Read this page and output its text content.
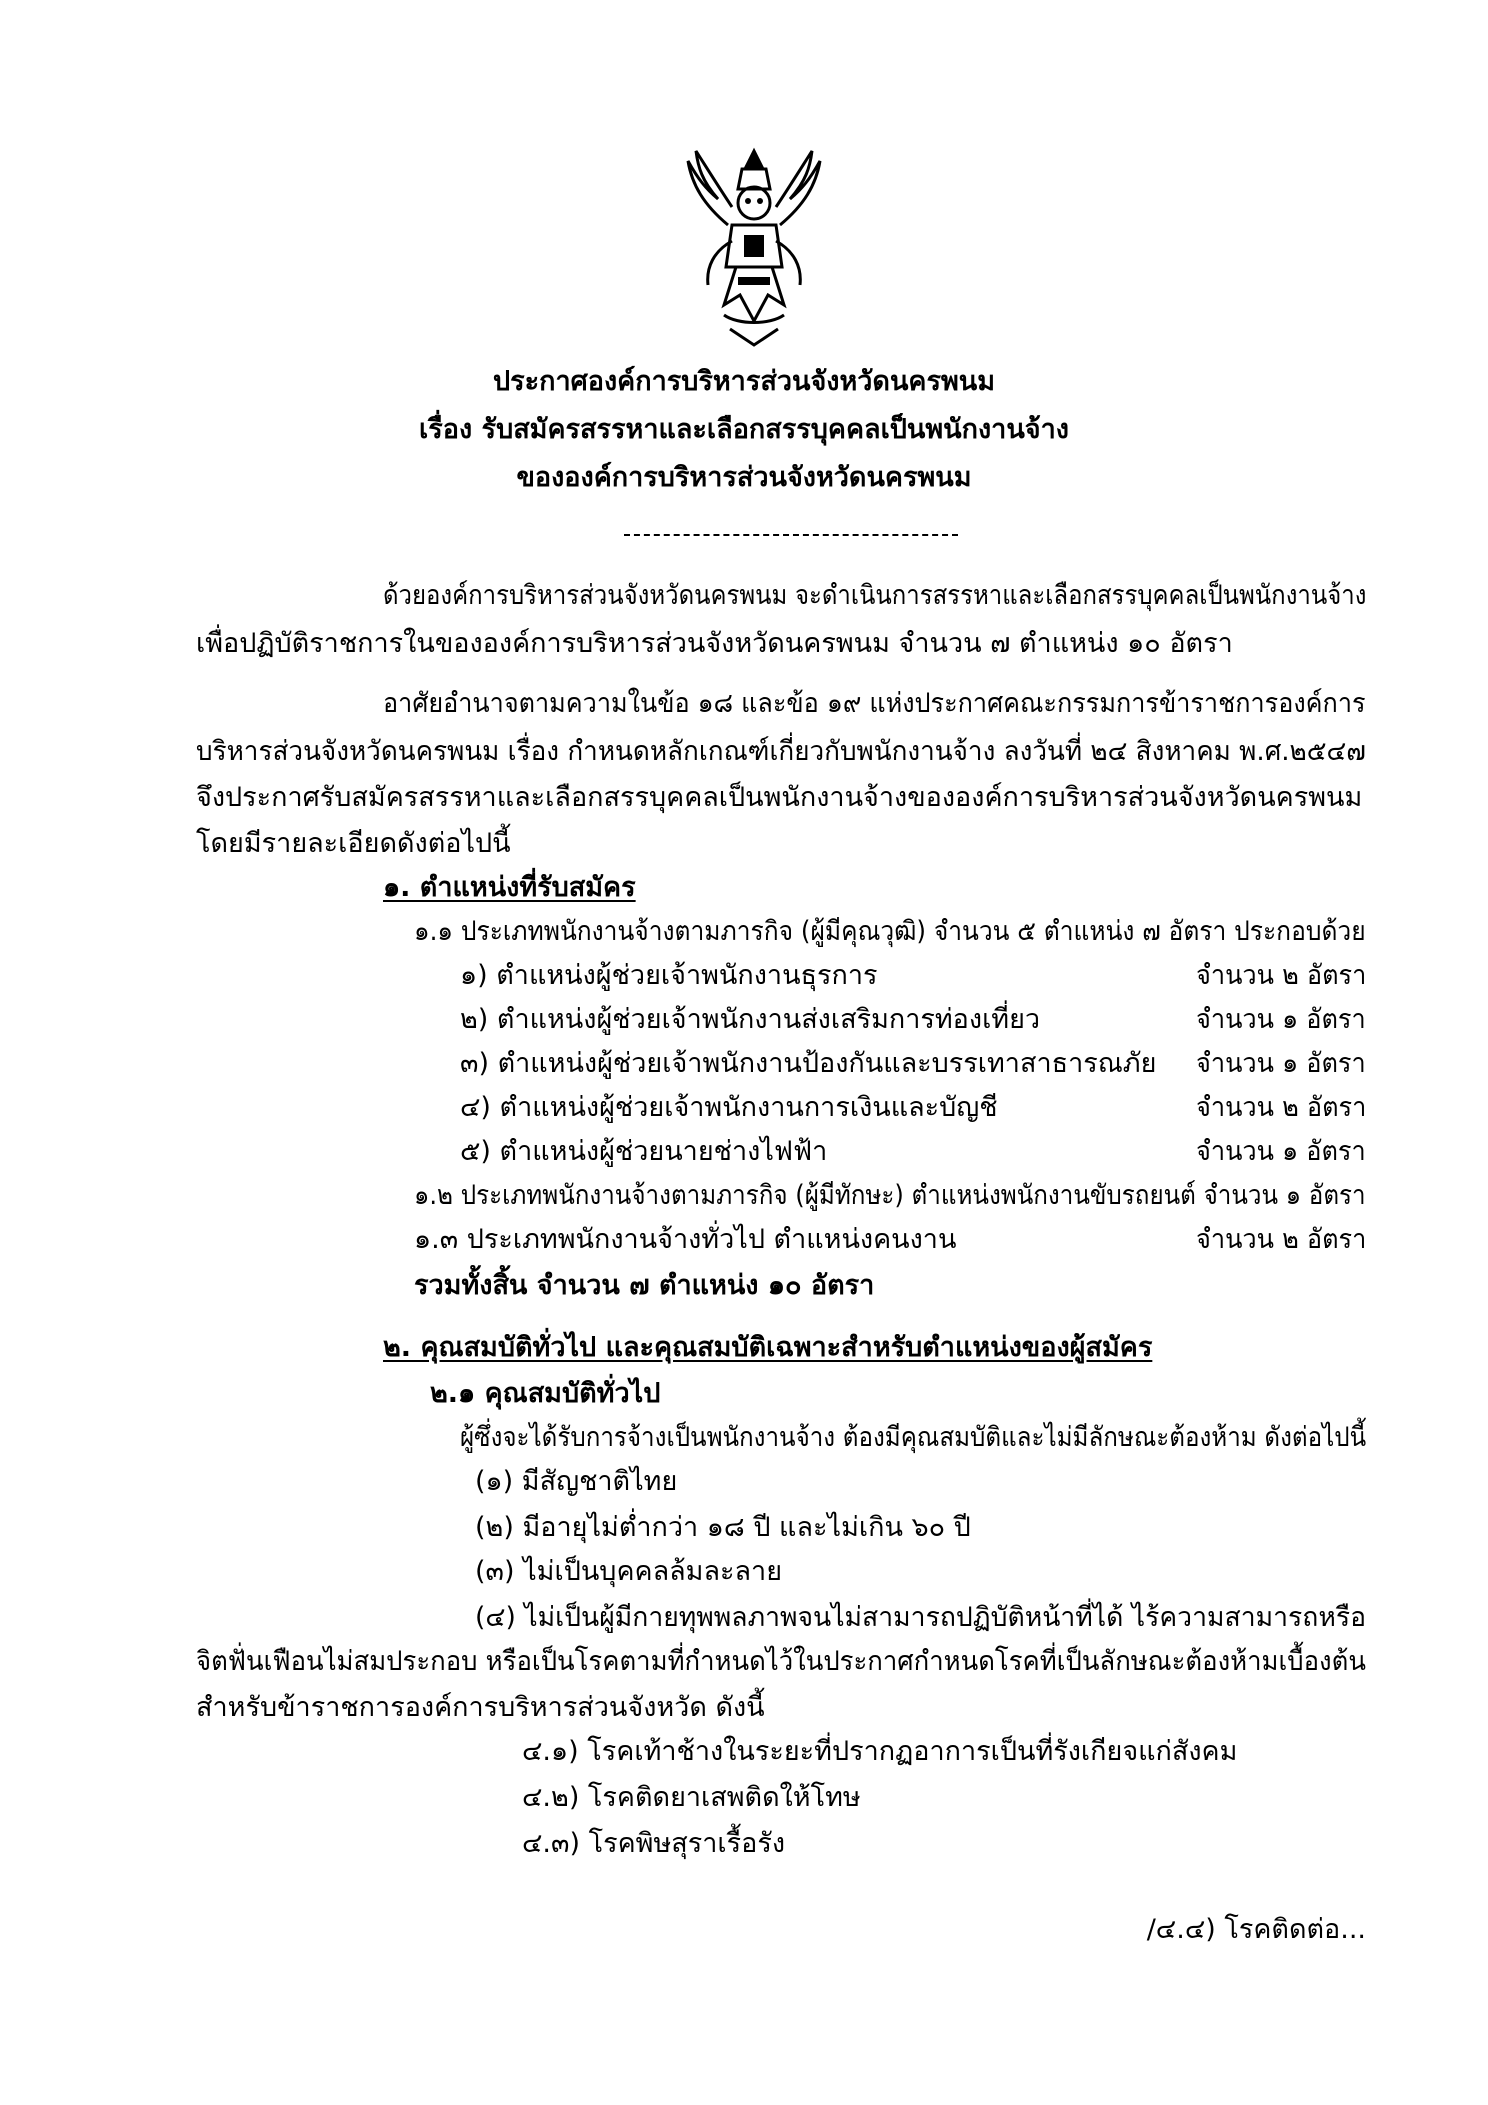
ประกาศองค์การบริหารส่วนจังหวัดนครพนม
เรื่อง รับสมัครสรรหาและเลือกสรรบุคคลเป็นพนักงานจ้าง
ขององค์การบริหารส่วนจังหวัดนครพนม
ด้วยองค์การบริหารส่วนจังหวัดนครพนม จะดำเนินการสรรหาและเลือกสรรบุคคลเป็นพนักงานจ้าง
เพื่อปฏิบัติราชการในขององค์การบริหารส่วนจังหวัดนครพนม จำนวน ๗ ตำแหน่ง ๑๐ อัตรา
อาศัยอำนาจตามความในข้อ ๑๘ และข้อ ๑๙ แห่งประกาศคณะกรรมการข้าราชการองค์การ
บริหารส่วนจังหวัดนครพนม เรื่อง กำหนดหลักเกณฑ์เกี่ยวกับพนักงานจ้าง ลงวันที่ ๒๔ สิงหาคม พ.ศ.๒๕๔๗
จึงประกาศรับสมัครสรรหาและเลือกสรรบุคคลเป็นพนักงานจ้างขององค์การบริหารส่วนจังหวัดนครพนม
โดยมีรายละเอียดดังต่อไปนี้
๑. ตำแหน่งที่รับสมัคร
๑.๑ ประเภทพนักงานจ้างตามภารกิจ (ผู้มีคุณวุฒิ) จำนวน ๕ ตำแหน่ง ๗ อัตรา ประกอบด้วย
๑) ตำแหน่งผู้ช่วยเจ้าพนักงานธุรการ	จำนวน ๒ อัตรา
๒) ตำแหน่งผู้ช่วยเจ้าพนักงานส่งเสริมการท่องเที่ยว	จำนวน ๑ อัตรา
๓) ตำแหน่งผู้ช่วยเจ้าพนักงานป้องกันและบรรเทาสาธารณภัย จำนวน ๑ อัตรา
๔) ตำแหน่งผู้ช่วยเจ้าพนักงานการเงินและบัญชี	จำนวน ๒ อัตรา
๕) ตำแหน่งผู้ช่วยนายช่างไฟฟ้า	จำนวน ๑ อัตรา
๑.๒ ประเภทพนักงานจ้างตามภารกิจ (ผู้มีทักษะ) ตำแหน่งพนักงานขับรถยนต์ จำนวน ๑ อัตรา
๑.๓ ประเภทพนักงานจ้างทั่วไป ตำแหน่งคนงาน	จำนวน ๒ อัตรา
รวมทั้งสิ้น จำนวน ๗ ตำแหน่ง ๑๐ อัตรา
๒. คุณสมบัติทั่วไป และคุณสมบัติเฉพาะสำหรับตำแหน่งของผู้สมัคร
๒.๑ คุณสมบัติทั่วไป
ผู้ซึ่งจะได้รับการจ้างเป็นพนักงานจ้าง ต้องมีคุณสมบัติและไม่มีลักษณะต้องห้าม ดังต่อไปนี้
(๑) มีสัญชาติไทย
(๒) มีอายุไม่ต่ำกว่า ๑๘ ปี และไม่เกิน ๖๐ ปี
(๓) ไม่เป็นบุคคลล้มละลาย
(๔) ไม่เป็นผู้มีกายทุพพลภาพจนไม่สามารถปฏิบัติหน้าที่ได้ ไร้ความสามารถหรือ
จิตฟั่นเฟือนไม่สมประกอบ หรือเป็นโรคตามที่กำหนดไว้ในประกาศกำหนดโรคที่เป็นลักษณะต้องห้ามเบื้องต้น
สำหรับข้าราชการองค์การบริหารส่วนจังหวัด ดังนี้
๔.๑) โรคเท้าช้างในระยะที่ปรากฏอาการเป็นที่รังเกียจแก่สังคม
๔.๒) โรคติดยาเสพติดให้โทษ
๔.๓) โรคพิษสุราเรื้อรัง
/๔.๔) โรคติดต่อ...
